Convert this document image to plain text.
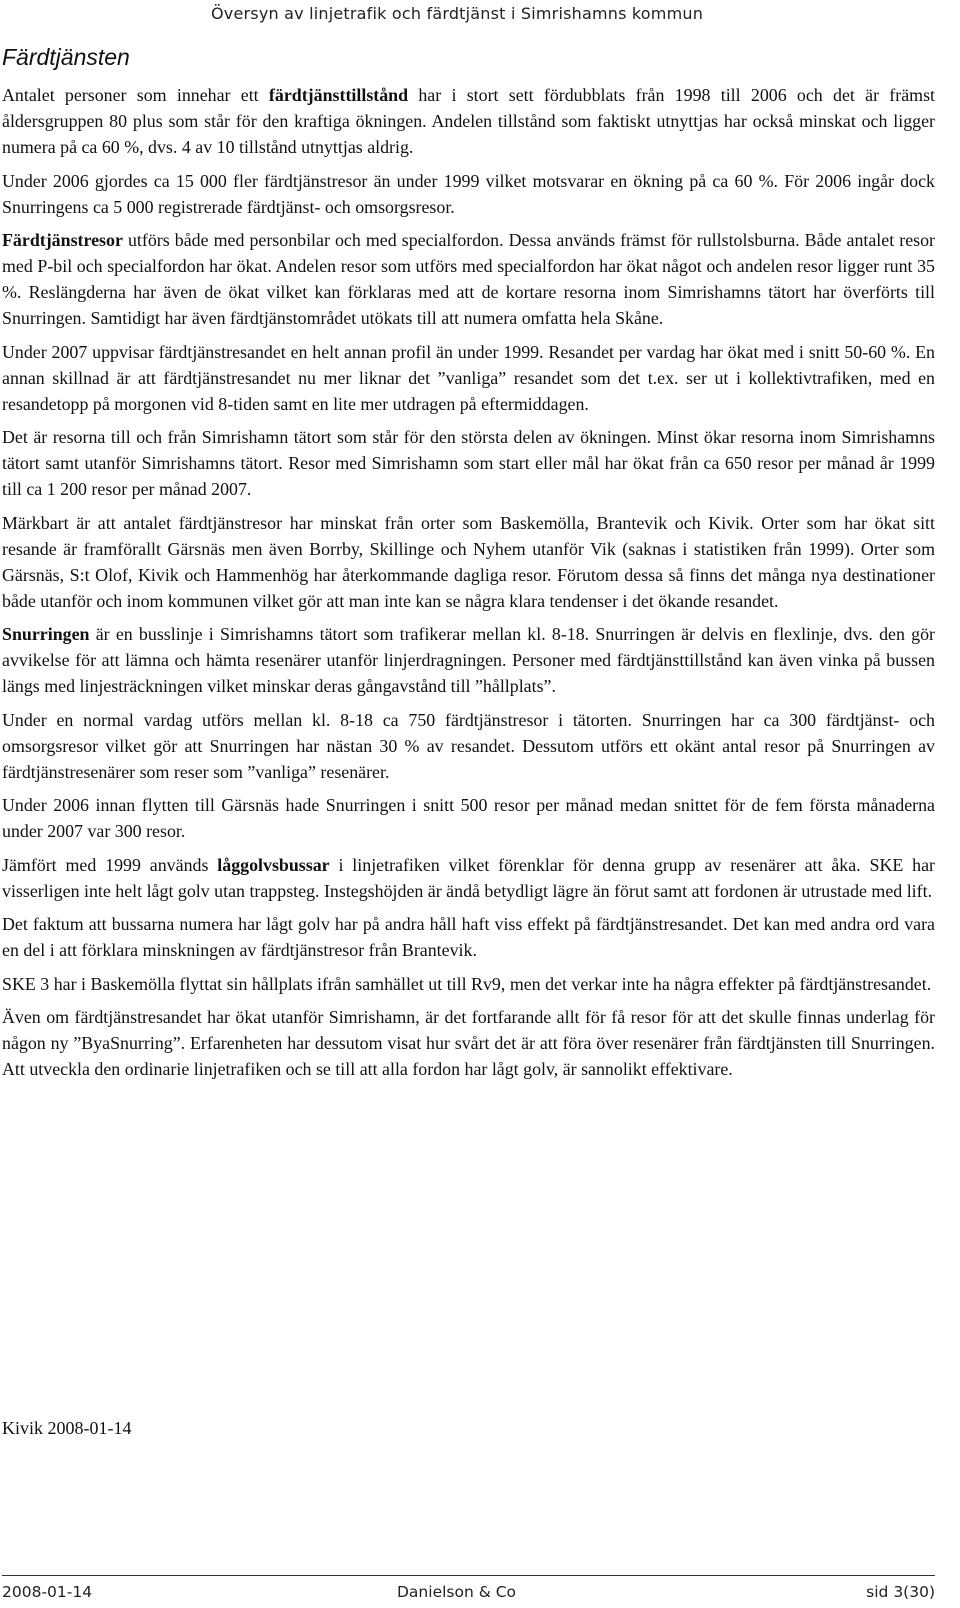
Översyn av linjetrafik och färdtjänst i Simrishamns kommun
Färdtjänsten

Antalet personer som innehar ett färdtjänsttillstånd har i stort sett fördubblats från 1998 till 2006 och det är främst åldersgruppen 80 plus som står för den kraftiga ökningen. Andelen tillstånd som faktiskt utnyttjas har också minskat och ligger numera på ca 60 %, dvs. 4 av 10 tillstånd utnyttjas aldrig.

Under 2006 gjordes ca 15 000 fler färdtjänstresor än under 1999 vilket motsvarar en ökning på ca 60 %. För 2006 ingår dock Snurringens ca 5 000 registrerade färdtjänst- och omsorgsresor.

Färdtjänstresor utförs både med personbilar och med specialfordon. Dessa används främst för rullstolsburna. Både antalet resor med P-bil och specialfordon har ökat. Andelen resor som utförs med specialfordon har ökat något och andelen resor ligger runt 35 %. Reslängderna har även de ökat vilket kan förklaras med att de kortare resorna inom Simrishamns tätort har överförts till Snurringen. Samtidigt har även färdtjänstområdet utökats till att numera omfatta hela Skåne.

Under 2007 uppvisar färdtjänstresandet en helt annan profil än under 1999. Resandet per vardag har ökat med i snitt 50-60 %. En annan skillnad är att färdtjänstresandet nu mer liknar det ”vanliga” resandet som det t.ex. ser ut i kollektivtrafiken, med en resandetopp på morgonen vid 8-tiden samt en lite mer utdragen på eftermiddagen.

Det är resorna till och från Simrishamn tätort som står för den största delen av ökningen. Minst ökar resorna inom Simrishamns tätort samt utanför Simrishamns tätort. Resor med Simrishamn som start eller mål har ökat från ca 650 resor per månad år 1999 till ca 1 200 resor per månad 2007.

Märkbart är att antalet färdtjänstresor har minskat från orter som Baskemölla, Brantevik och Kivik. Orter som har ökat sitt resande är framförallt Gärsnäs men även Borrby, Skillinge och Nyhem utanför Vik (saknas i statistiken från 1999). Orter som Gärsnäs, S:t Olof, Kivik och Hammenhög har återkommande dagliga resor. Förutom dessa så finns det många nya destinationer både utanför och inom kommunen vilket gör att man inte kan se några klara tendenser i det ökande resandet.

Snurringen är en busslinje i Simrishamns tätort som trafikerar mellan kl. 8-18. Snurringen är delvis en flexlinje, dvs. den gör avvikelse för att lämna och hämta resenärer utanför linjerdragningen. Personer med färdtjänsttillstånd kan även vinka på bussen längs med linjesträckningen vilket minskar deras gångavstånd till ”hållplats”.

Under en normal vardag utförs mellan kl. 8-18 ca 750 färdtjänstresor i tätorten. Snurringen har ca 300 färdtjänst- och omsorgsresor vilket gör att Snurringen har nästan 30 % av resandet. Dessutom utförs ett okänt antal resor på Snurringen av färdtjänstresenärer som reser som ”vanliga” resenärer.

Under 2006 innan flytten till Gärsnäs hade Snurringen i snitt 500 resor per månad medan snittet för de fem första månaderna under 2007 var 300 resor.

Jämfört med 1999 används låggolvsbussar i linjetrafiken vilket förenklar för denna grupp av resenärer att åka. SKE har visserligen inte helt lågt golv utan trappsteg. Instegshöjden är ändå betydligt lägre än förut samt att fordonen är utrustade med lift.

Det faktum att bussarna numera har lågt golv har på andra håll haft viss effekt på färdtjänstresandet. Det kan med andra ord vara en del i att förklara minskningen av färdtjänstresor från Brantevik.

SKE 3 har i Baskemölla flyttat sin hållplats ifrån samhället ut till Rv9, men det verkar inte ha några effekter på färdtjänstresandet.

Även om färdtjänstresandet har ökat utanför Simrishamn, är det fortfarande allt för få resor för att det skulle finnas underlag för någon ny ”ByaSnurring”. Erfarenheten har dessutom visat hur svårt det är att föra över resenärer från färdtjänsten till Snurringen. Att utveckla den ordinarie linjetrafiken och se till att alla fordon har lågt golv, är sannolikt effektivare.

Kivik 2008-01-14
2008-01-14	Danielson & Co	sid 3(30)
